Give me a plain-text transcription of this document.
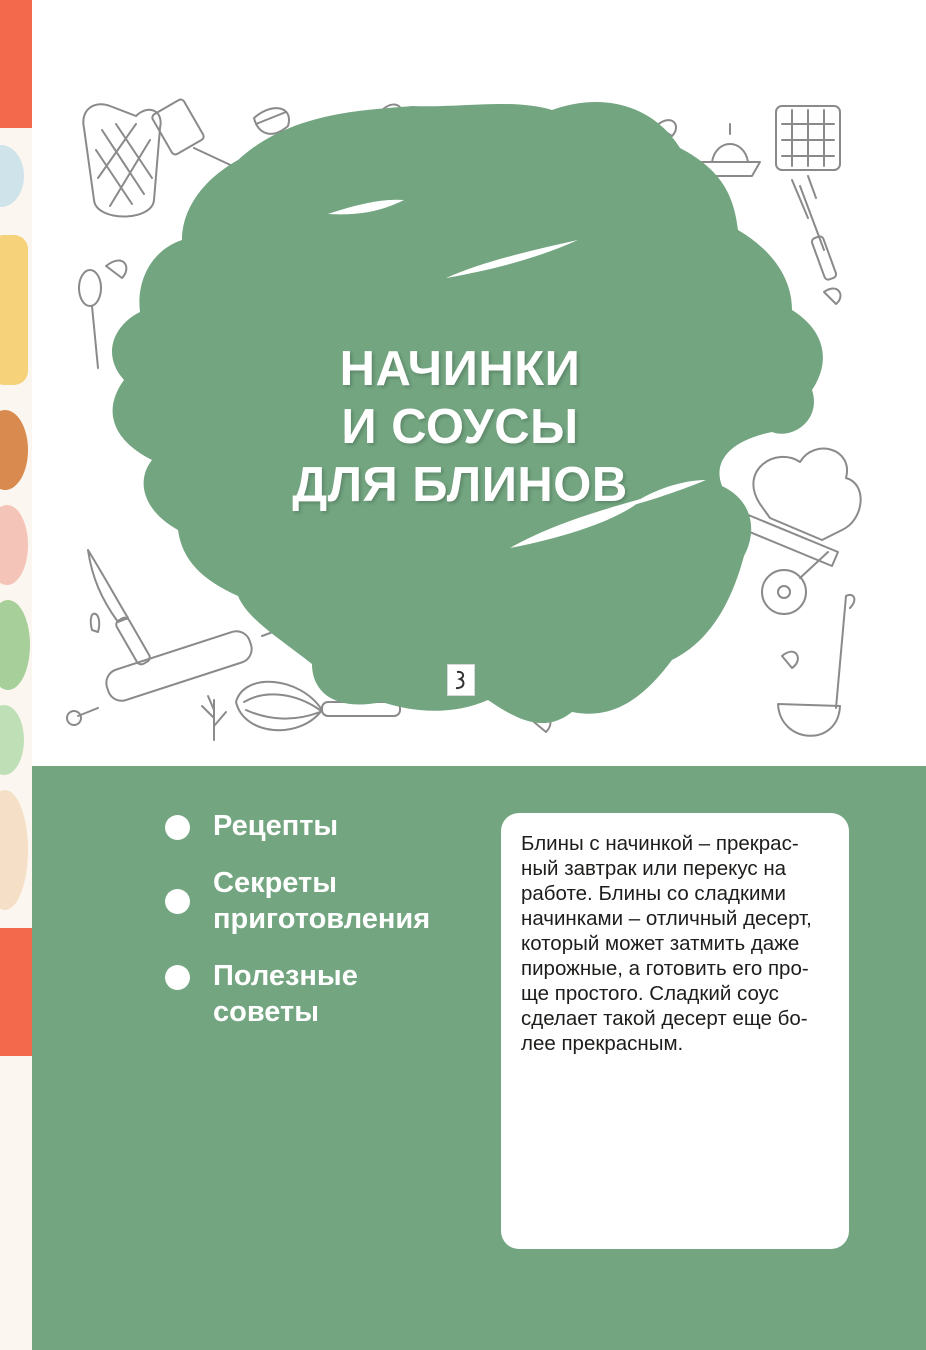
НАЧИНКИ
И СОУСЫ
ДЛЯ БЛИНОВ
Рецепты
Секреты
приготовления
Полезные
советы
Блины с начинкой – прекрас-
ный завтрак или перекус на
работе. Блины со сладкими
начинками – отличный десерт,
который может затмить даже
пирожные, а готовить его про-
ще простого. Сладкий соус
сделает такой десерт еще бо-
лее прекрасным.
